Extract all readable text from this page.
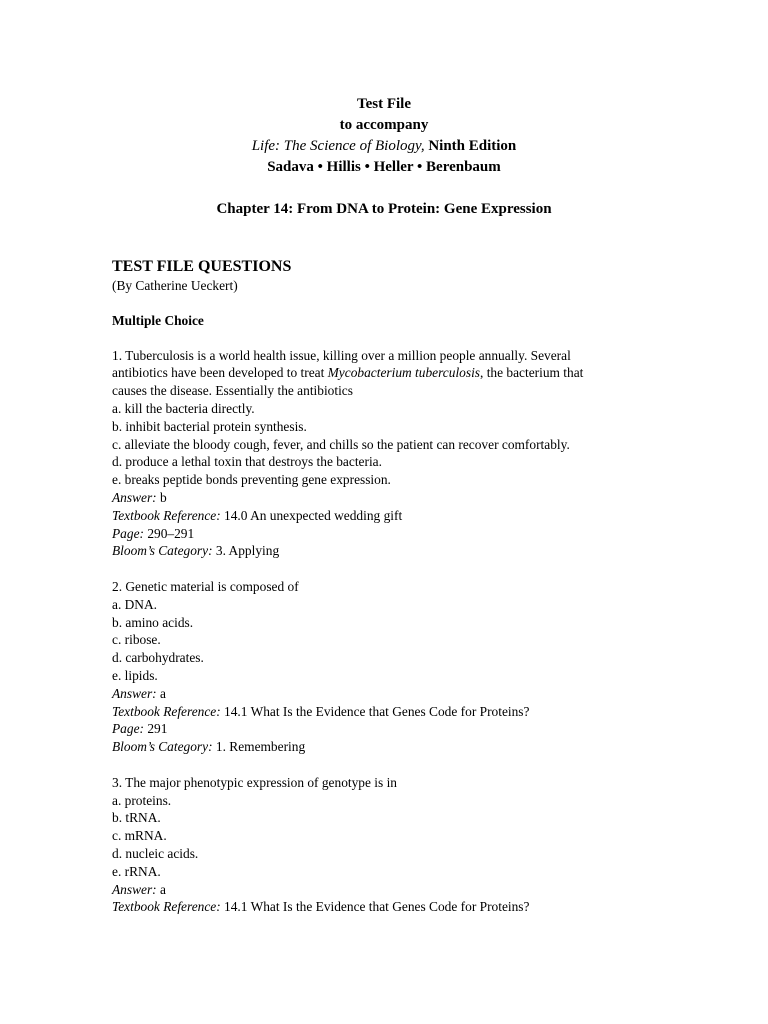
Test File
to accompany
Life: The Science of Biology, Ninth Edition
Sadava • Hillis • Heller • Berenbaum
Chapter 14: From DNA to Protein: Gene Expression
TEST FILE QUESTIONS
(By Catherine Ueckert)
Multiple Choice
1. Tuberculosis is a world health issue, killing over a million people annually. Several
antibiotics have been developed to treat Mycobacterium tuberculosis, the bacterium that
causes the disease. Essentially the antibiotics
a. kill the bacteria directly.
b. inhibit bacterial protein synthesis.
c. alleviate the bloody cough, fever, and chills so the patient can recover comfortably.
d. produce a lethal toxin that destroys the bacteria.
e. breaks peptide bonds preventing gene expression.
Answer: b
Textbook Reference: 14.0 An unexpected wedding gift
Page: 290–291
Bloom’s Category: 3. Applying
2. Genetic material is composed of
a. DNA.
b. amino acids.
c. ribose.
d. carbohydrates.
e. lipids.
Answer: a
Textbook Reference: 14.1 What Is the Evidence that Genes Code for Proteins?
Page: 291
Bloom’s Category: 1. Remembering
3. The major phenotypic expression of genotype is in
a. proteins.
b. tRNA.
c. mRNA.
d. nucleic acids.
e. rRNA.
Answer: a
Textbook Reference: 14.1 What Is the Evidence that Genes Code for Proteins?
